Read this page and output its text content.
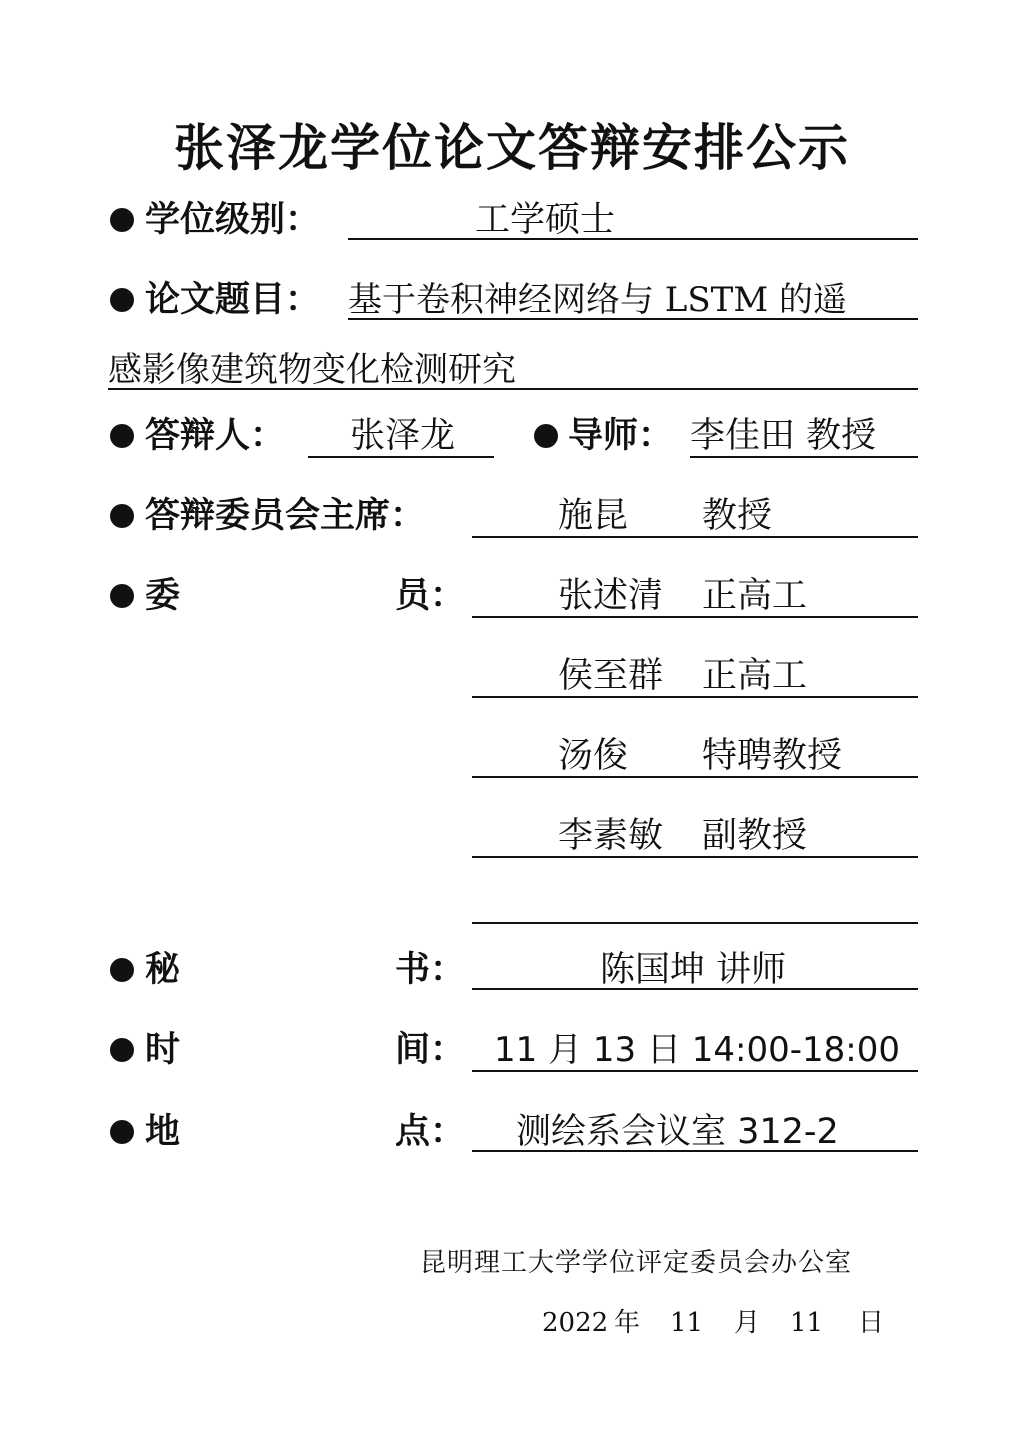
张泽龙学位论文答辩安排公示
学位级别：	工学硕士
论文题目： 基于卷积神经网络与 LSTM 的遥
感影像建筑物变化检测研究
答辩人： 张泽龙	导师： 李佳田 教授
答辩委员会主席：	施昆 教授
委	员：	张述清 正高工
侯至群 正高工
汤俊 特聘教授
李素敏 副教授
秘	书：	陈国坤 讲师
时	间： 11 月 13 日 14:00-18:00
地	点： 测绘系会议室 312-2
昆明理工大学学位评定委员会办公室
2022 年 11 月 11 日
